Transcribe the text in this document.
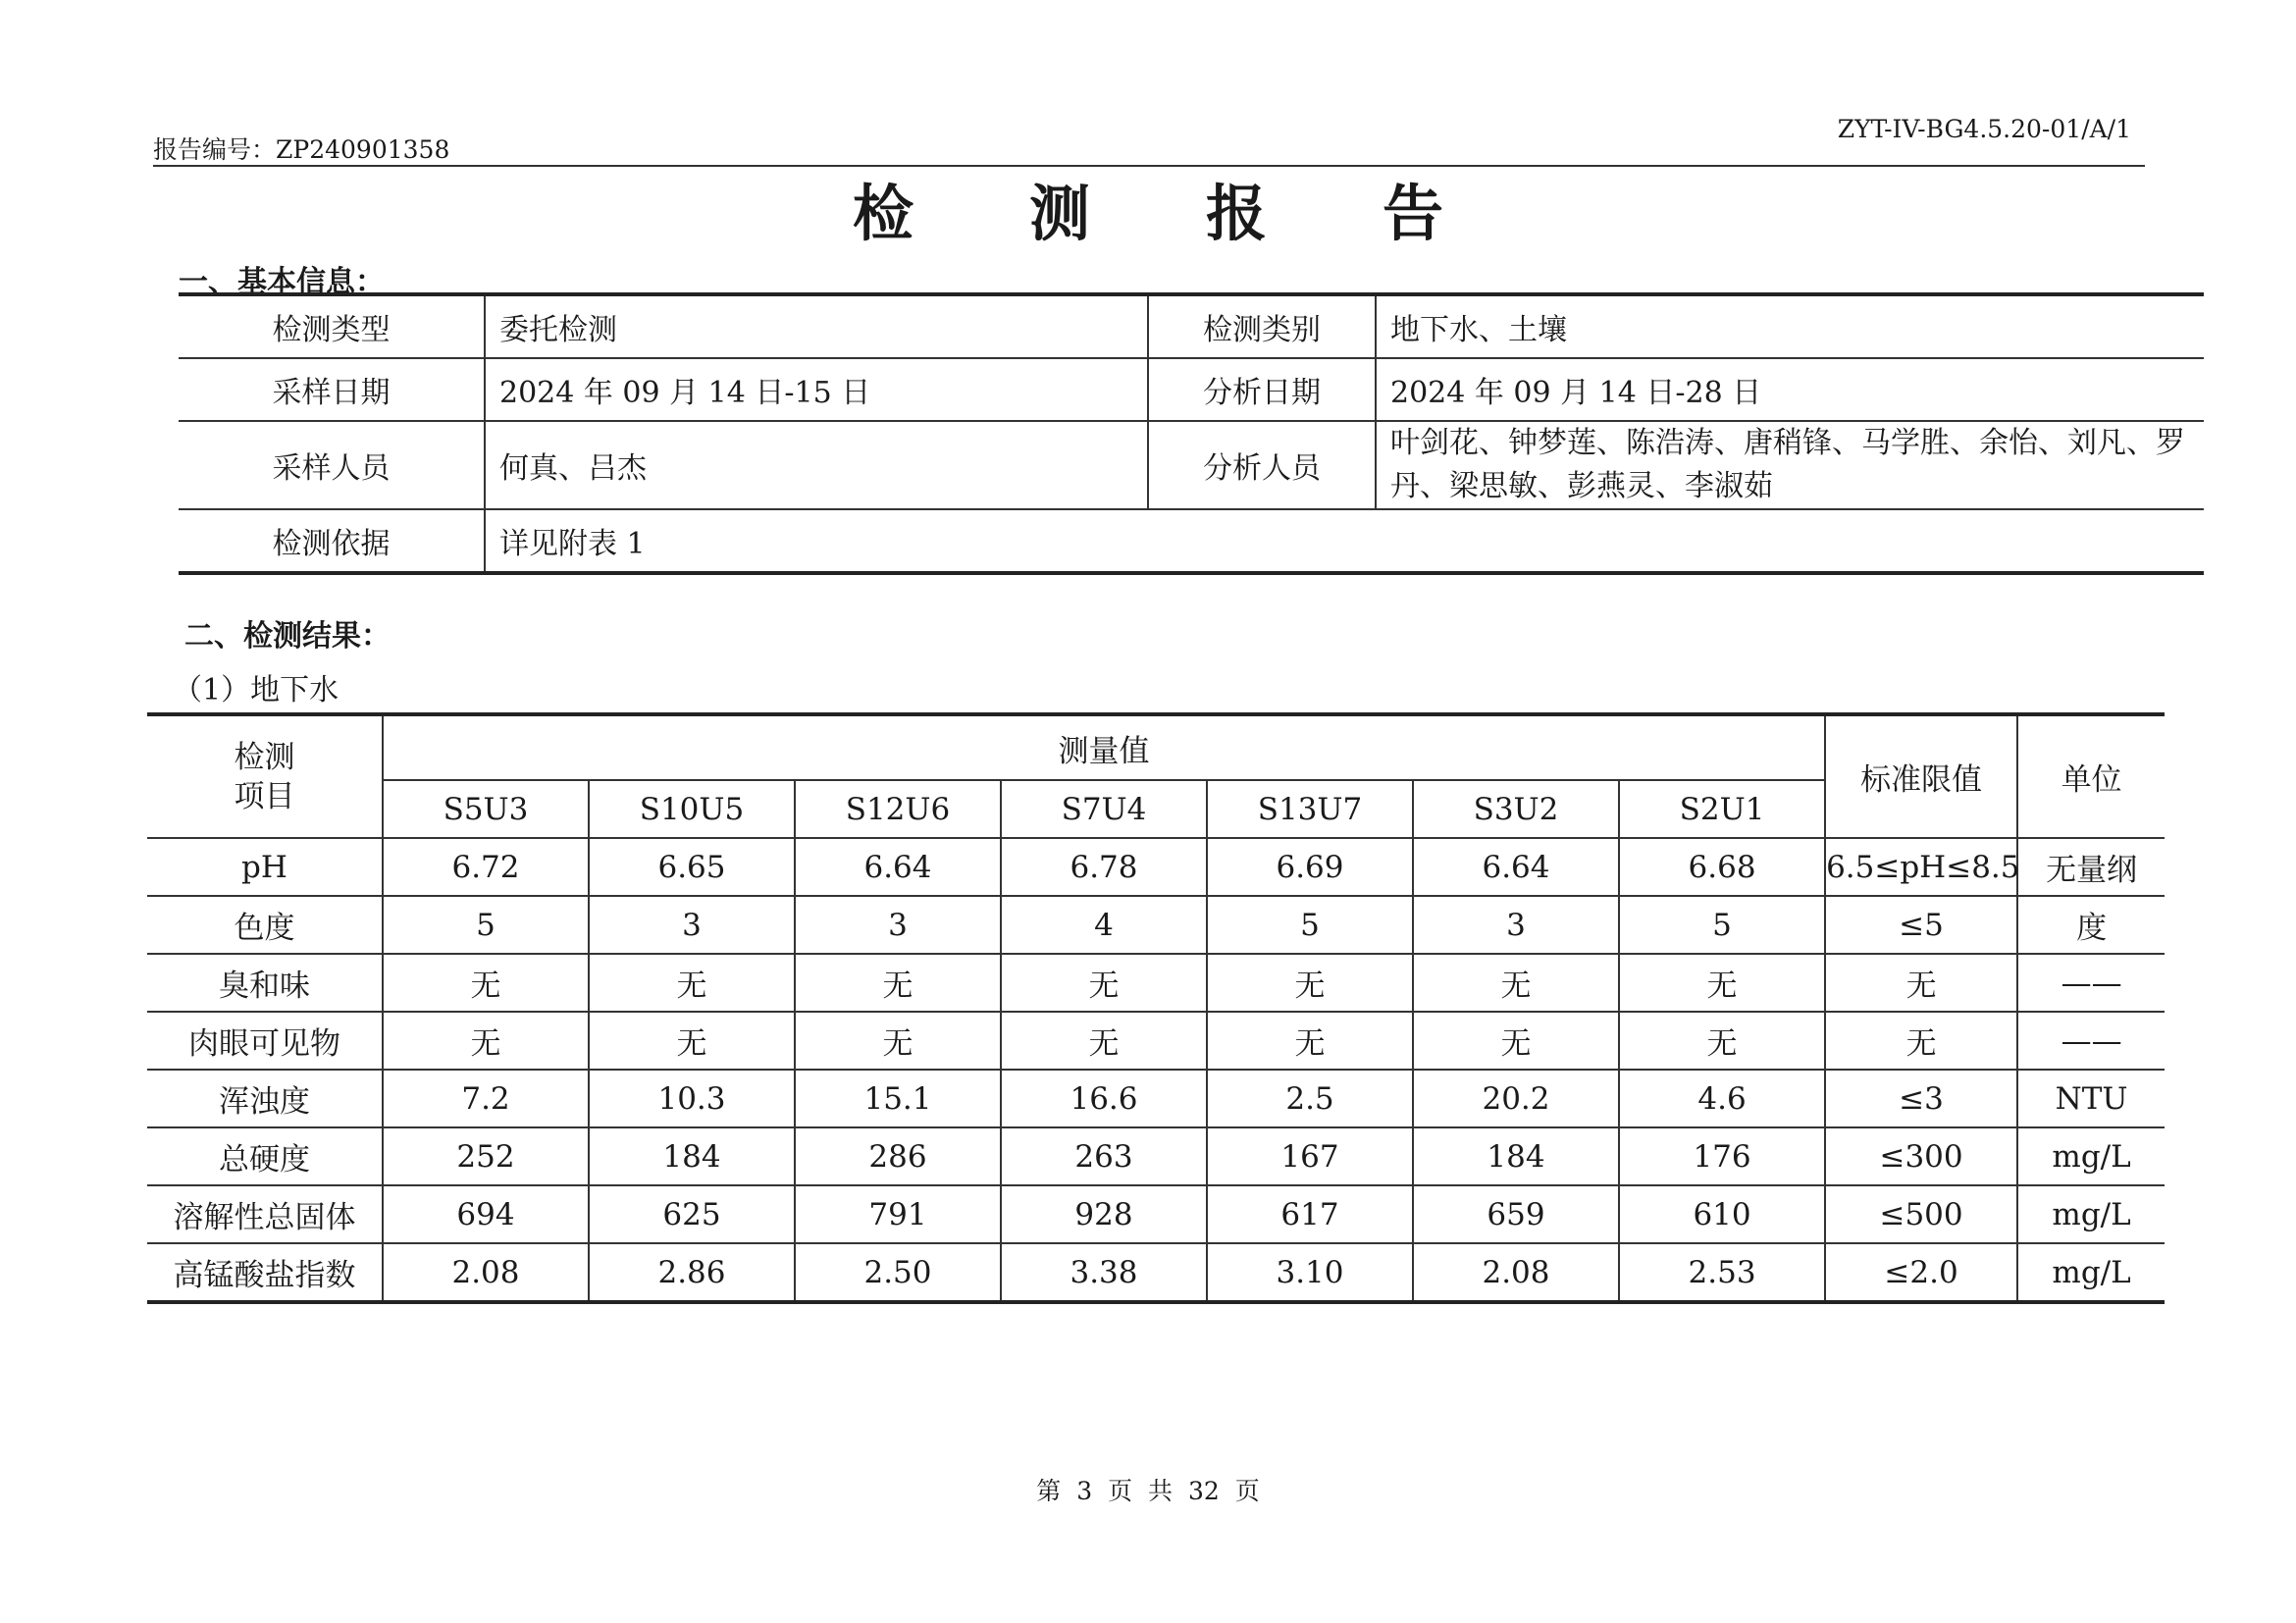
报告编号：ZP240901358
ZYT-IV-BG4.5.20-01/A/1
检测报告
一、基本信息：
检测类型	委托检测	检测类别	地下水、土壤
采样日期	2024 年 09 月 14 日-15 日	分析日期	2024 年 09 月 14 日-28 日
采样人员	何真、吕杰	分析人员	叶剑花、钟梦莲、陈浩涛、唐稍锋、马学胜、余怡、刘凡、罗丹、梁思敏、彭燕灵、李淑茹
检测依据	详见附表 1		
二、检测结果：
（1）地下水
检测项目	测量值							标准限值	单位
	S5U3	S10U5	S12U6	S7U4	S13U7	S3U2	S2U1		
pH	6.72	6.65	6.64	6.78	6.69	6.64	6.68	6.5≤pH≤8.5	无量纲
色度	5	3	3	4	5	3	5	≤5	度
臭和味	无	无	无	无	无	无	无	无	——
肉眼可见物	无	无	无	无	无	无	无	无	——
浑浊度	7.2	10.3	15.1	16.6	2.5	20.2	4.6	≤3	NTU
总硬度	252	184	286	263	167	184	176	≤300	mg/L
溶解性总固体	694	625	791	928	617	659	610	≤500	mg/L
高锰酸盐指数	2.08	2.86	2.50	3.38	3.10	2.08	2.53	≤2.0	mg/L
第 3 页 共 32 页
